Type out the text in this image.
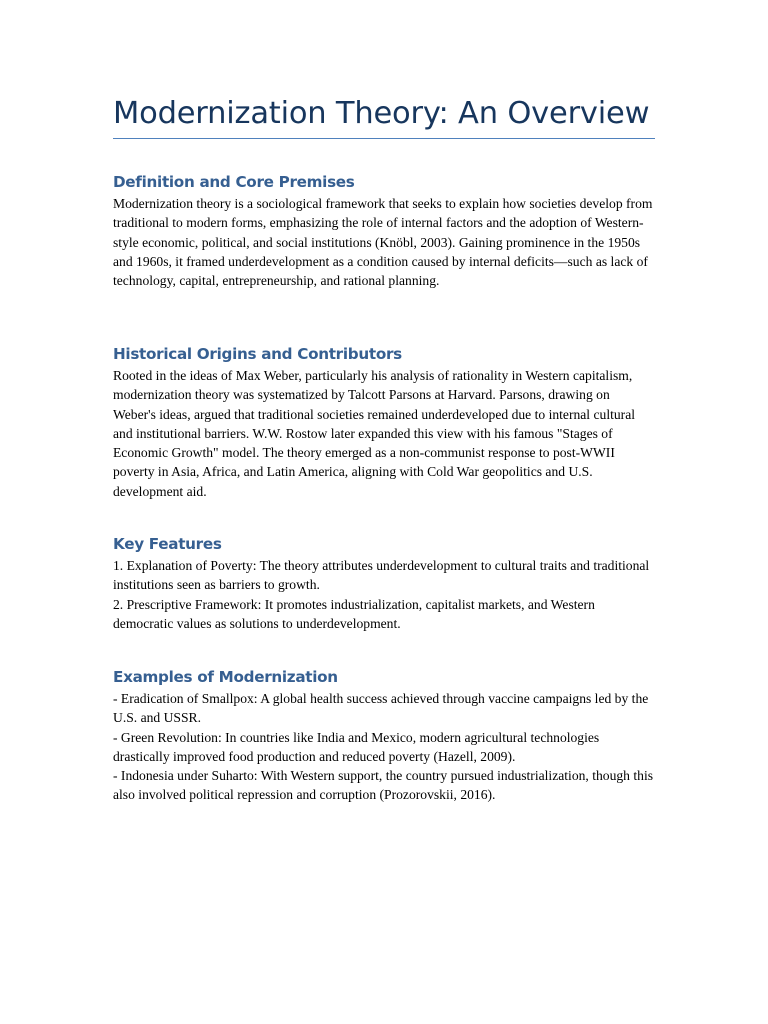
Modernization Theory: An Overview
Definition and Core Premises

Modernization theory is a sociological framework that seeks to explain how societies develop from traditional to modern forms, emphasizing the role of internal factors and the adoption of Western-style economic, political, and social institutions (Knöbl, 2003). Gaining prominence in the 1950s and 1960s, it framed underdevelopment as a condition caused by internal deficits—such as lack of technology, capital, entrepreneurship, and rational planning.

Historical Origins and Contributors

Rooted in the ideas of Max Weber, particularly his analysis of rationality in Western capitalism, modernization theory was systematized by Talcott Parsons at Harvard. Parsons, drawing on Weber's ideas, argued that traditional societies remained underdeveloped due to internal cultural and institutional barriers. W.W. Rostow later expanded this view with his famous "Stages of Economic Growth" model. The theory emerged as a non-communist response to post-WWII poverty in Asia, Africa, and Latin America, aligning with Cold War geopolitics and U.S. development aid.

Key Features

1. Explanation of Poverty: The theory attributes underdevelopment to cultural traits and traditional institutions seen as barriers to growth.

2. Prescriptive Framework: It promotes industrialization, capitalist markets, and Western democratic values as solutions to underdevelopment.

Examples of Modernization

- Eradication of Smallpox: A global health success achieved through vaccine campaigns led by the U.S. and USSR.

- Green Revolution: In countries like India and Mexico, modern agricultural technologies drastically improved food production and reduced poverty (Hazell, 2009).

- Indonesia under Suharto: With Western support, the country pursued industrialization, though this also involved political repression and corruption (Prozorovskii, 2016).
